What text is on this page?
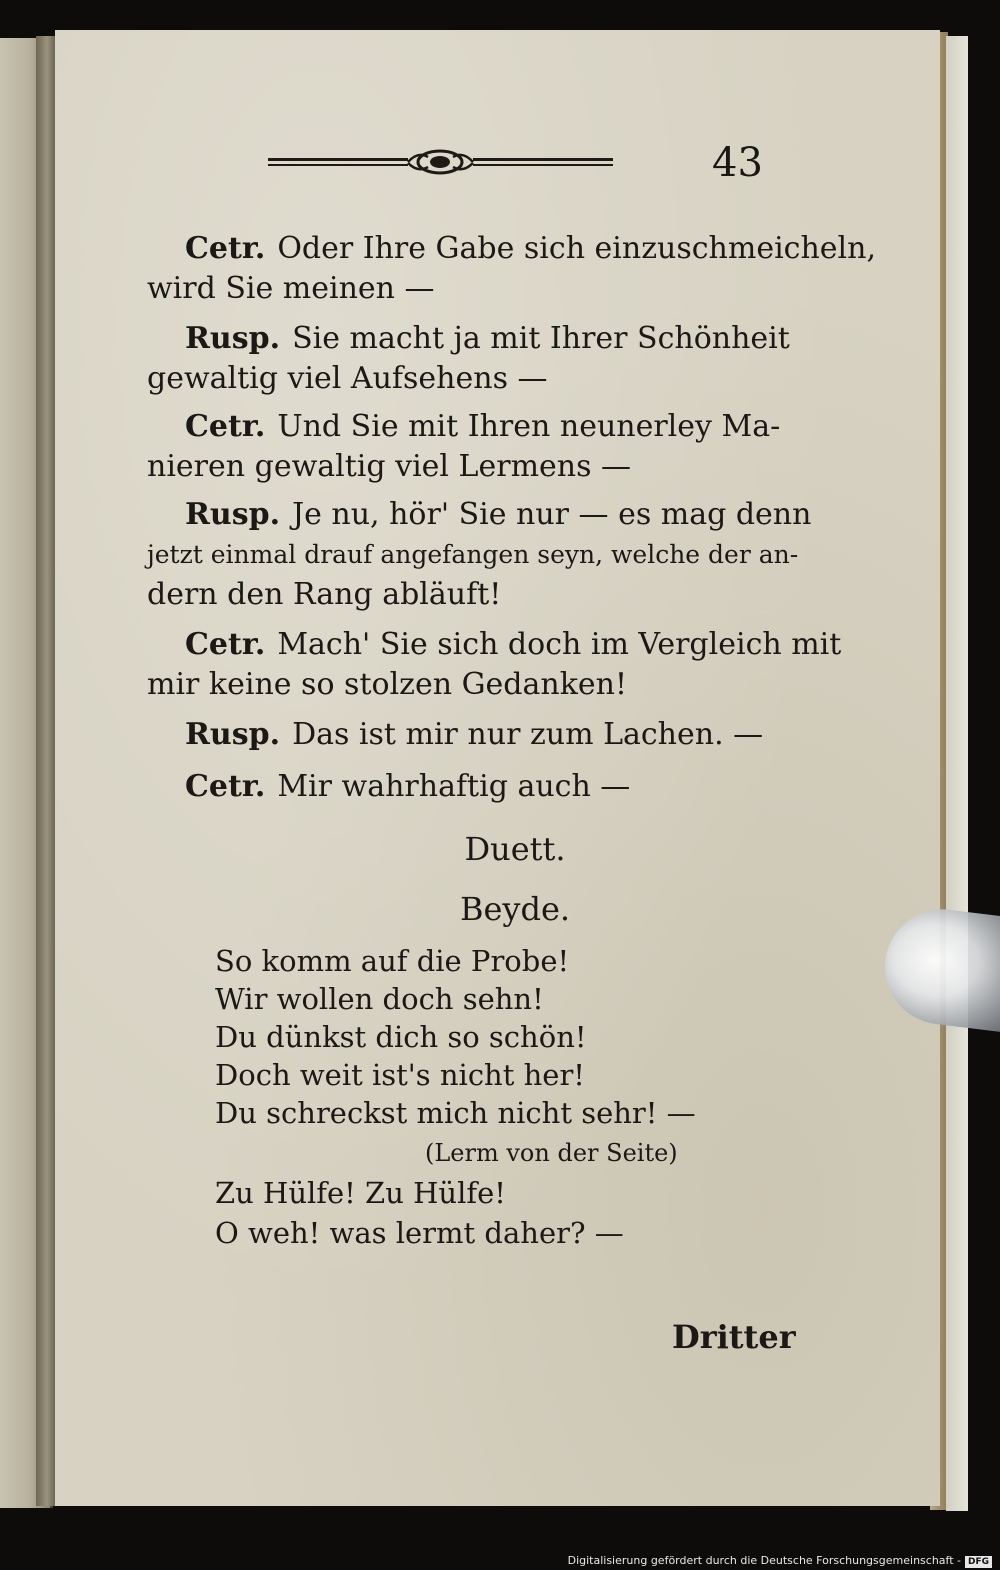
43
Cetr. Oder Ihre Gabe sich einzuschmeicheln,
wird Sie meinen —
Rusp. Sie macht ja mit Ihrer Schönheit
gewaltig viel Aufsehens —
Cetr. Und Sie mit Ihren neunerley Ma-
nieren gewaltig viel Lermens —
Rusp. Je nu, hör' Sie nur — es mag denn
jetzt einmal drauf angefangen seyn, welche der an-
dern den Rang abläuft!
Cetr. Mach' Sie sich doch im Vergleich mit
mir keine so stolzen Gedanken!
Rusp. Das ist mir nur zum Lachen. —
Cetr. Mir wahrhaftig auch —
Duett.
Beyde.
So komm auf die Probe!
Wir wollen doch sehn!
Du dünkst dich so schön!
Doch weit ist's nicht her!
Du schreckst mich nicht sehr! —
(Lerm von der Seite)
Zu Hülfe! Zu Hülfe!
O weh! was lermt daher? —
Dritter
Digitalisierung gefördert durch die Deutsche Forschungsgemeinschaft - DFG
